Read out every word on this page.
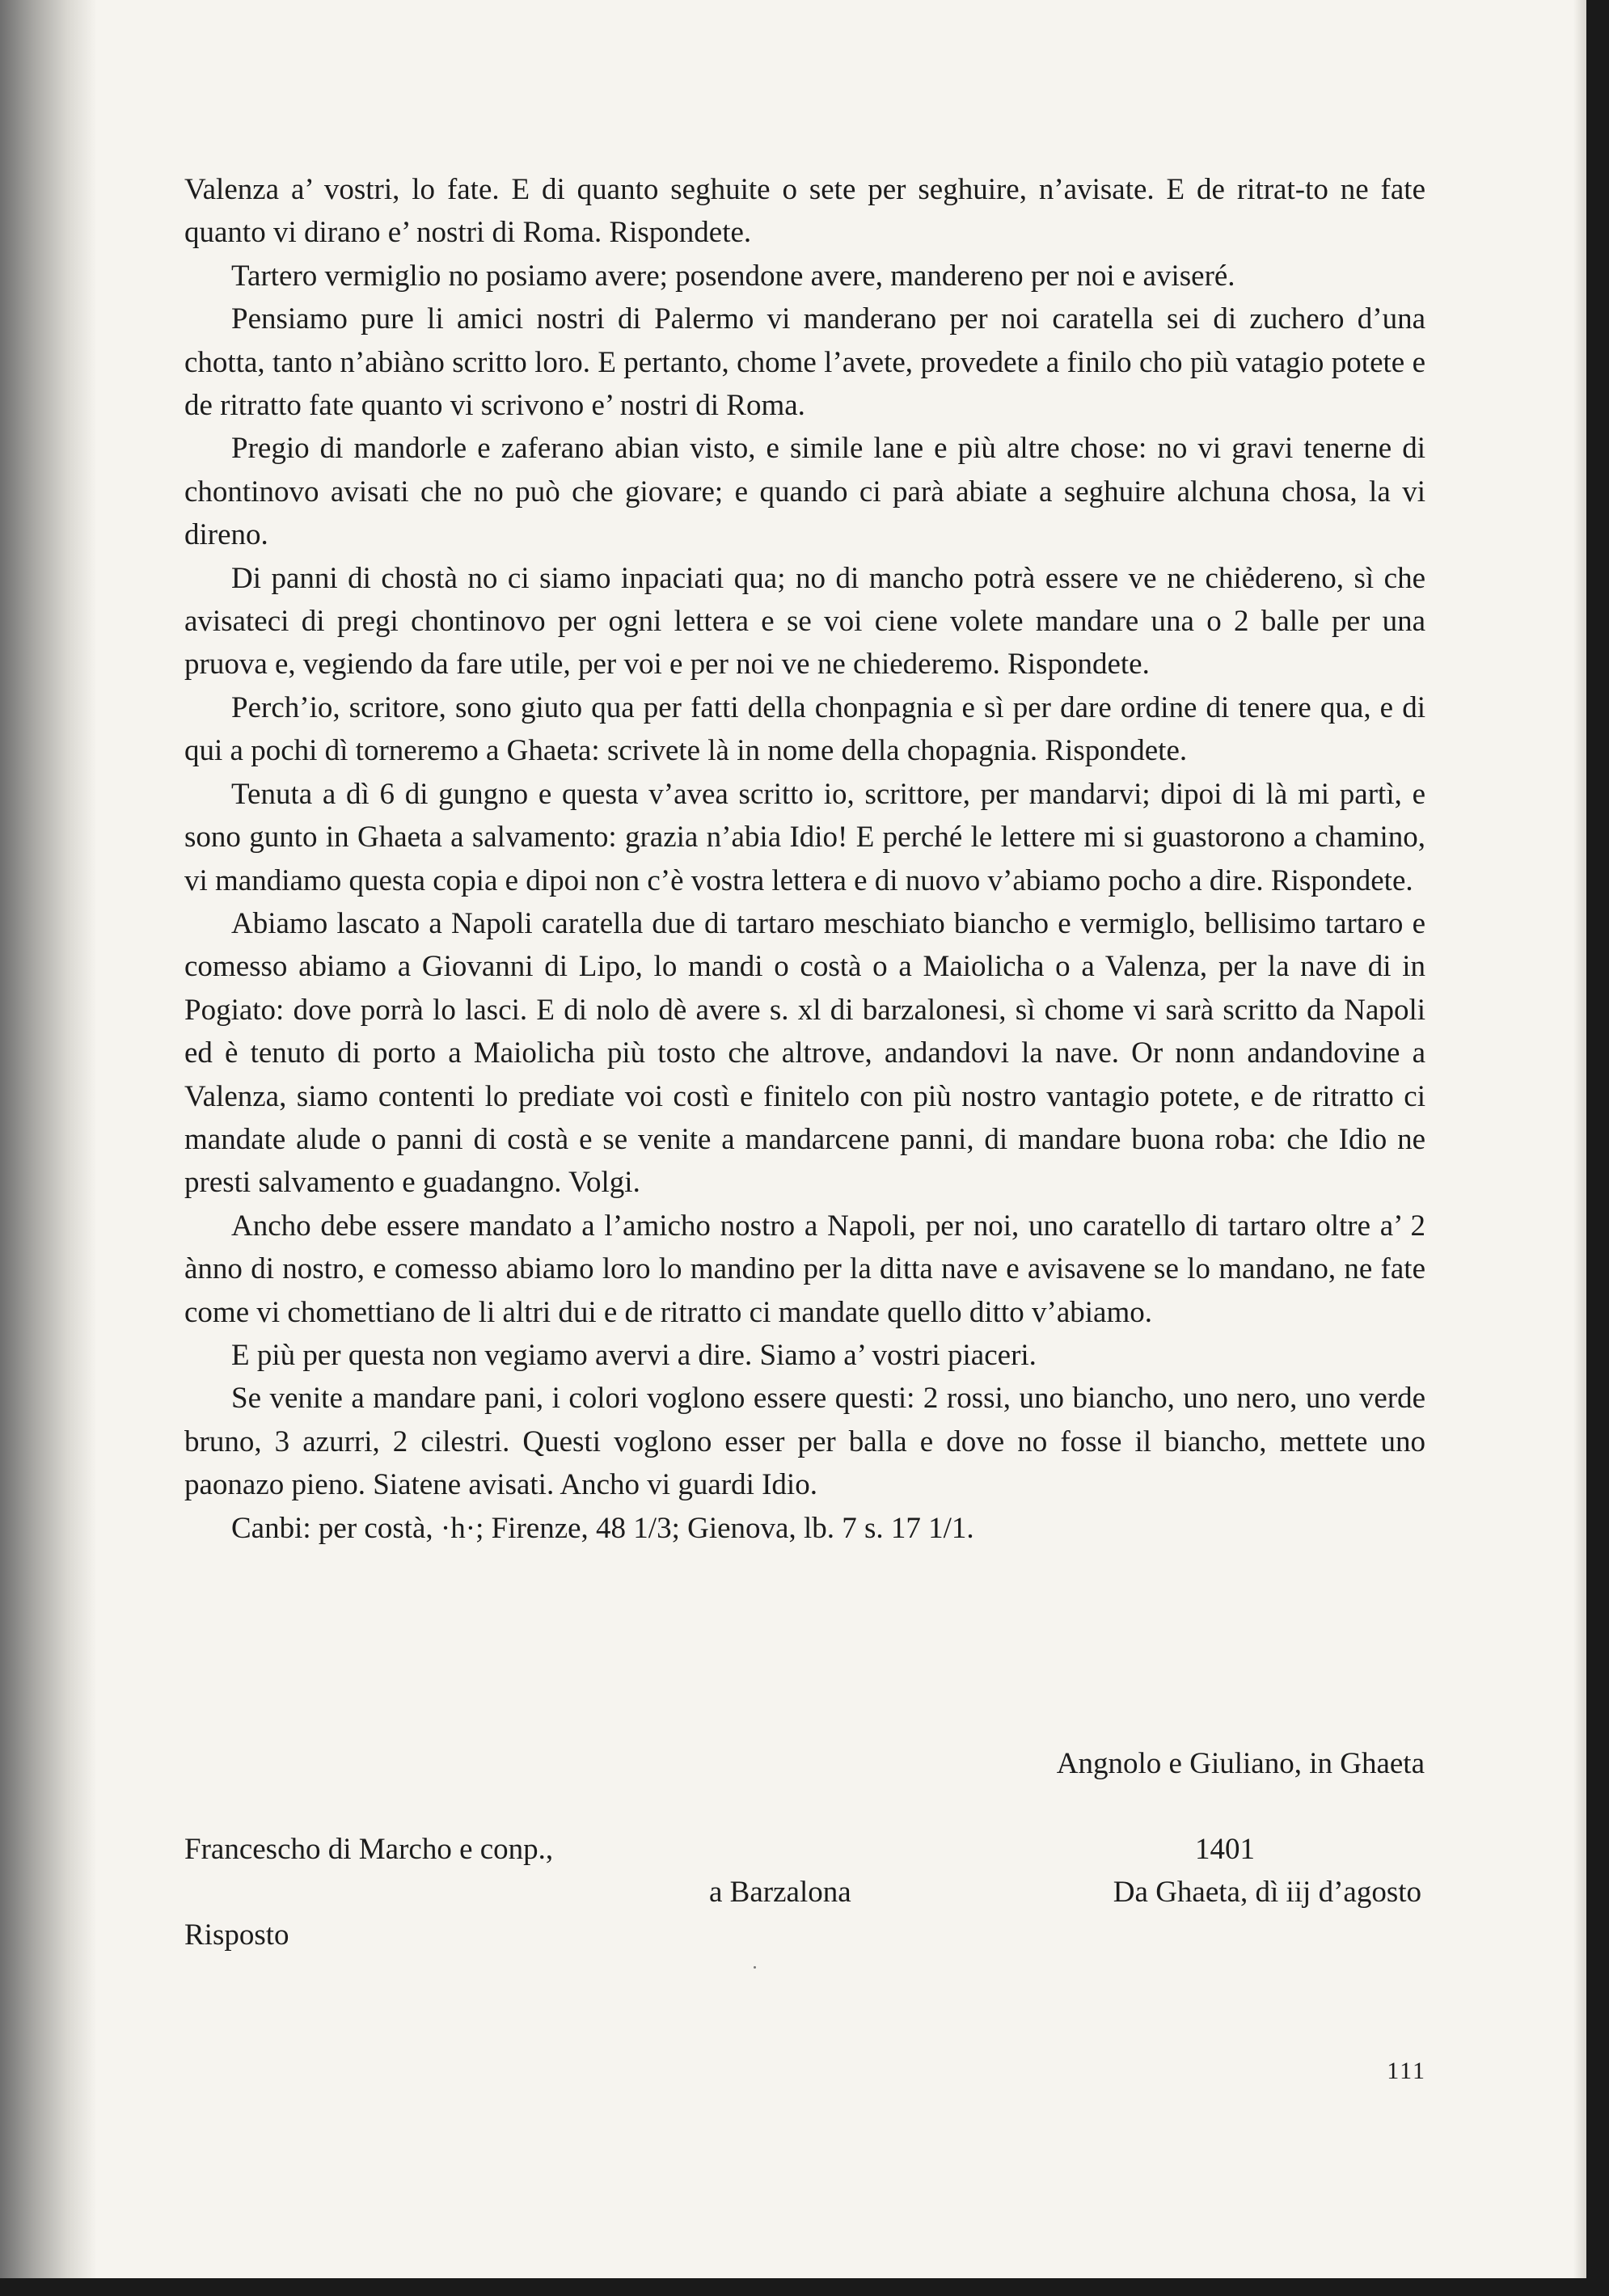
Valenza a’ vostri, lo fate. E di quanto seghuite o sete per seghuire, n’avisate. E de ritrat-to ne fate quanto vi dirano e’ nostri di Roma. Rispondete.

Tartero vermiglio no posiamo avere; posendone avere, mandereno per noi e aviseré.

Pensiamo pure li amici nostri di Palermo vi manderano per noi caratella sei di zuchero d’una chotta, tanto n’abiàno scritto loro. E pertanto, chome l’avete, provedete a finilo cho più vatagio potete e de ritratto fate quanto vi scrivono e’ nostri di Roma.

Pregio di mandorle e zaferano abian visto, e simile lane e più altre chose: no vi gravi tenerne di chontinovo avisati che no può che giovare; e quando ci parà abiate a seghuire alchuna chosa, la vi direno.

Di panni di chostà no ci siamo inpaciati qua; no di mancho potrà essere ve ne chiẻdereno, sì che avisateci di pregi chontinovo per ogni lettera e se voi ciene volete mandare una o 2 balle per una pruova e, vegiendo da fare utile, per voi e per noi ve ne chiederemo. Rispondete.

Perch’io, scritore, sono giuto qua per fatti della chonpagnia e sì per dare ordine di tenere qua, e di qui a pochi dì torneremo a Ghaeta: scrivete là in nome della chopagnia. Rispondete.

Tenuta a dì 6 di gungno e questa v’avea scritto io, scrittore, per mandarvi; dipoi di là mi partì, e sono gunto in Ghaeta a salvamento: grazia n’abia Idio! E perché le lettere mi si guastorono a chamino, vi mandiamo questa copia e dipoi non c’è vostra lettera e di nuovo v’abiamo pocho a dire. Rispondete.

Abiamo lascato a Napoli caratella due di tartaro meschiato biancho e vermiglo, bellisimo tartaro e comesso abiamo a Giovanni di Lipo, lo mandi o costà o a Maiolicha o a Valenza, per la nave di in Pogiato: dove porrà lo lasci. E di nolo dè avere s. xl di barzalonesi, sì chome vi sarà scritto da Napoli ed è tenuto di porto a Maiolicha più tosto che altrove, andandovi la nave. Or nonn andandovine a Valenza, siamo contenti lo prediate voi costì e finitelo con più nostro vantagio potete, e de ritratto ci mandate alude o panni di costà e se venite a mandarcene panni, di mandare buona roba: che Idio ne presti salvamento e guadangno. Volgi.

Ancho debe essere mandato a l’amicho nostro a Napoli, per noi, uno caratello di tartaro oltre a’ 2 ànno di nostro, e comesso abiamo loro lo mandino per la ditta nave e avisavene se lo mandano, ne fate come vi chomettiano de li altri dui e de ritratto ci mandate quello ditto v’abiamo.

E più per questa non vegiamo avervi a dire. Siamo a’ vostri piaceri.

Se venite a mandare pani, i colori voglono essere questi: 2 rossi, uno biancho, uno nero, uno verde bruno, 3 azurri, 2 cilestri. Questi voglono esser per balla e dove no fosse il biancho, mettete uno paonazo pieno. Siatene avisati. Ancho vi guardi Idio.

Canbi: per costà, ·h·; Firenze, 48 1/3; Gienova, lb. 7 s. 17 1/1.

Angnolo e Giuliano, in Ghaeta
Francescho di Marcho e conp.,
a Barzalona
1401
Da Ghaeta, dì iij d’agosto
Risposto
111
